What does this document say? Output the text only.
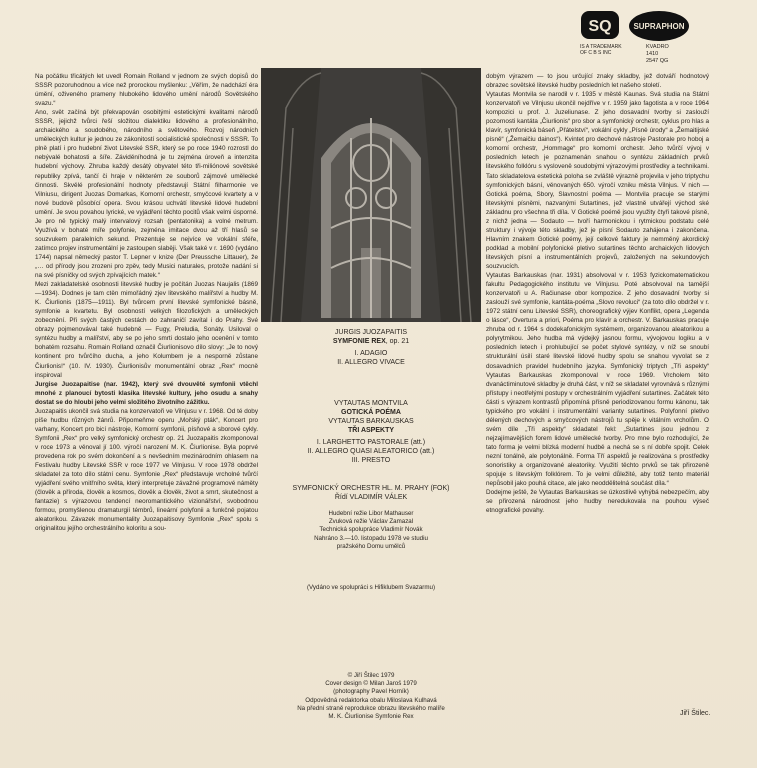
SQ	SUPRAPHON
IS A TRADEMARK
OF C B S INC
KVADRO
1410 2547 QG

Na počátku třicátých let uvedl Romain Rolland v jednom ze svých dopisů do SSSR pozoruhodnou a více než prorockou myšlenku: „Věřím, že nadchází éra úmění, oživeného prameny hlubokého lidového umění národů Sovětského svazu.“

Ano, svět začíná být překvapován osobitými estetickými kvalitami národů SSSR, jejichž tvůrci řeší složitou dialektiku lidového a profesionálního, archaického a soudobého, národního a světového. Rozvoj národních uměleckých kultur je jednou ze zákonitostí socialistické společnosti v SSSR. To plně platí i pro hudební život Litevské SSR, který se po roce 1940 rozrostl do nebývalé bohatosti a šíře. Záviděníhodná je tu zejména úroveň a intenzita hudební výchovy. Zhruba každý desátý obyvatel této tři-miliónové sovětské republiky zpívá, tančí či hraje v některém ze souborů zájmové umělecké činnosti. Skvělé profesionální hodnoty představují Státní filharmonie ve Vilniusu, dirigent Juozas Domarkas, Komorní orchestr, smyčcové kvartety a v nové budově působící opera. Svou krásou uchvátí litevské lidové hudební umění. Je svou povahou lyrické, ve vyjádření těchto pocitů však velmi úsporné. Je pro ně typický malý intervalový rozsah (pentatonika) a volné metrum. Využívá v bohaté míře polyfonie, zejména imitace dvou až tří hlasů se souzvukem paralelních sekund. Prezentuje se nejvíce ve vokální sféře, zatímco projev instrumentální je zastoupen slaběji. Však také v r. 1690 (vydáno 1744) napsal německý pastor T. Lepner v knize (Der Preussche Littauer), že „… od přírody jsou zrozeni pro zpěv, tedy Musici naturales, protože nadání si na své písničky od svých zpívajících matek.“

Mezi zakladatelské osobnosti litevské hudby je počítán Juozas Naujalis (1869—1934). Dodnes je tam ctěn mimořádný zjev litevského malířství a hudby M. K. Čiurlionis (1875—1911). Byl tvůrcem první litevské symfonické básně, symfonie a kvartetu. Byl osobností velkých filozofických a uměleckých zobecnění. Při svých častých cestách do zahraničí zavítal i do Prahy. Své obrazy pojmenovával také hudebně — Fugy, Preludia, Sonáty. Usiloval o syntézu hudby a malířství, aby se po jeho smrti dostalo jeho ocenění v tomto bohatém rozsahu. Romain Rolland označil Čiurlionisovo dílo slovy: „Je to nový kontinent pro tvůrčího ducha, a jeho Kolumbem je a nesporně zůstane Čiurlionis!“ (10. IV. 1930). Čiurlionisův monumentální obraz „Rex“ mocně inspiroval

Jurgise Juozapaitise (nar. 1942), který své dvouvěté symfonii vtěchl mnohé z planoucí bytosti klasika litevské kultury, jeho osudu a snahy dostat se do hloubi jeho velmi složitého životního zážitku.

Juozapaitis ukončil svá studia na konzervatoři ve Vilnjusu v r. 1968. Od té doby píše hudbu různých žánrů. Připomeňme operu „Mořský pták“, Koncert pro varhany, Koncert pro bicí nástroje, Komorní symfonii, písňové a sborové cykly. Symfonii „Rex“ pro velký symfonický orchestr op. 21 Juozapaitis zkomponoval v roce 1973 a věnoval jí 100. výročí narození M. K. Čiurlionise. Byla poprvé provedena rok po svém dokončení a s nevšedním mezinárodním ohlasem na Festivalu hudby Litevské SSR v roce 1977 ve Vilnjusu. V roce 1978 obdržel skladatel za toto dílo státní cenu. Symfonie „Rex“ představuje vrcholné tvůrčí vyjádření svého vnitřního světa, který interpretuje závažné programové náměty (člověk a příroda, člověk a kosmos, člověk a člověk, život a smrt, skutečnost a fantazie) s výrazovou tendencí neoromantického vizionářství, svobodnou formou, promyšlenou dramaturgií témbrů, lineární polyfonii a funkčně pojatou aleatorikou. Závazek monumentality Juozapaitisovy Symfonie „Rex“ spolu s originalitou jejího orchestrálního koloritu a sou-

JURGIS JUOZAPAITIS
SYMFONIE REX, op. 21
I. ADAGIO
II. ALLEGRO VIVACE
VYTAUTAS MONTVILA
GOTICKÁ POÉMA
VYTAUTAS BARKAUSKAS
TŘI ASPEKTY
I. LARGHETTO PASTORALE (att.)
II. ALLEGRO QUASI ALEATORICO (att.)
III. PRESTO
SYMFONICKÝ ORCHESTR HL. M. PRAHY (FOK)
Řídí VLADIMÍR VÁLEK
Hudební režie Libor Mathauser
Zvuková režie Václav Zamazal
Technická spolupráce Vladimír Novák
Nahráno 3.—10. listopadu 1978 ve studiu
pražského Domu umělců
(Vydáno ve spolupráci s Hifiklubem Svazarmu)
© Jiří Štilec 1979
Cover design © Milan Jaroš 1979
(photography Pavel Horník)
Odpovědná redaktorka obalu Miloslava Kulhavá
Na přední straně reprodukce obrazu litevského malíře
M. K. Čiurlionise Symfonie Rex

dobým výrazem — to jsou určující znaky skladby, jež dotváří hodnotový obrazec sovětské litevské hudby posledních let našeho století.

Vytautas Montvila se narodil v r. 1935 v městě Kaunas. Svá studia na Státní konzervatoři ve Vilnjusu ukončil nejdříve v r. 1959 jako fagotista a v roce 1964 kompozici u prof. J. Juzeliunase. Z jeho dosavadní tvorby si zaslouží pozornosti kantáta „Čiurlionis“ pro sbor a symfonický orchestr, cyklus pro hlas a klavír, symfonická báseň „Přátelství“, vokální cykly „Písně úrody“ a „Žemaitijské písně“ („Žemaičiu dainos“). Kvintet pro dechové nástroje Pastorale pro hoboj a komorní orchestr, „Hommage“ pro komorní orchestr. Jeho tvůrčí vývoj v posledních letech je poznamenán snahou o syntézu základních prvků litevského folklóru s vysloveně soudobými výrazovými prostředky a technikami. Tato skladatelova estetická poloha se zvláště výrazně projevila v jeho triptychu symfonických básní, věnovaných 650. výročí vzniku města Vilnjus. V nich — Gotická poéma, Sbory, Slavnostní poéma — Montvila pracuje se starými litevskými písněmi, nazvanými Sutartines, jež vlastně utvářejí východ ské základnu pro všechna tři díla. V Gotické poémě jsou využity čtyři takové písně, z nichž jedna — Sodauto — tvoří harmonickou i rytmickou podstatu celé struktury i vývoje této skladby, jež je písní Sodauto zahájena i zakončena. Hlavním znakem Gotické poémy, její celkové faktury je nemměný akordický podklad a mobilní polyfonické pletivo sutartines těchto archaických lidových litevských písní a instrumentálních projevů, založených na sekundových souzvucích.

Vytautas Barkauskas (nar. 1931) absolvoval v r. 1953 fyzickomatematickou fakultu Pedagogického institutu ve Vilnjusu. Poté absolvoval na tamější konzervatoři u A. Račiunase obor kompozice. Z jeho dosavadní tvorby si zaslouží své symfonie, kantáta-poéma „Slovo revoluci“ (za toto dílo obdržel v r. 1972 státní cenu Litevské SSR), choreografický výjev Konflikt, opera „Legenda o lásce“, Overtura a priori, Poéma pro klavír a orchestr. V. Barkauskas pracuje zhruba od r. 1964 s dodekafonickým systémem, organizovanou aleatorikou a polyrytmikou. Jeho hudba má výdejký jasnou formu, vývojovou logiku a v posledních letech i prohlubující se počet stylové syntézy, v níž se snoubí strukturální úsilí staré litevské lidové hudby spolu se snahou vyvolat se z dosavadních pravidel hudebního jazyka. Symfonický triptych „Tři aspekty“ Vytautas Barkauskas zkomponoval v roce 1969. Vrcholem této dvanáctiminutové skladby je druhá část, v níž se skladatel vyrovnává s různými přístupy i neotřelými postupy v orchestrálním vyjádření sutartines. Začátek této části s výrazem kontrastů připomíná přísně periodizovanou formu kánonu, tak typického pro vokální i instrumentální varianty sutartines. Polyfonní pletivo délených dechových a smyčcových nástrojů tu spěje k vitálním vrcholům. O svém díle „Tři aspekty“ skladatel řekl: „Sutartines jsou jednou z nejzajímavějších forem lidové umělecké tvorby. Pro mne bylo rozhodující, že tato forma je velmi blízká moderní hudbě a nechá se s ní dobře spojit. Celek nezní tonálně, ale polytonálně. Forma Tří aspektů je realizována s prostředky sonoristiky a organizované aleatoriky. Využití těchto prvků se tak přirozeně spojuje s litevským folklórem. To je velmi důležité, aby totiž tento materiál nepůsobil jako pouhá citace, ale jako neoddělitelná součást díla.“

Dodejme ještě, že Vytautas Barkauskas se úzkostlivě vyhýbá nebezpečím, aby se přirozená národnost jeho hudby neredukovala na pouhou výseč etnografické povahy.

Jiří Štilec.
